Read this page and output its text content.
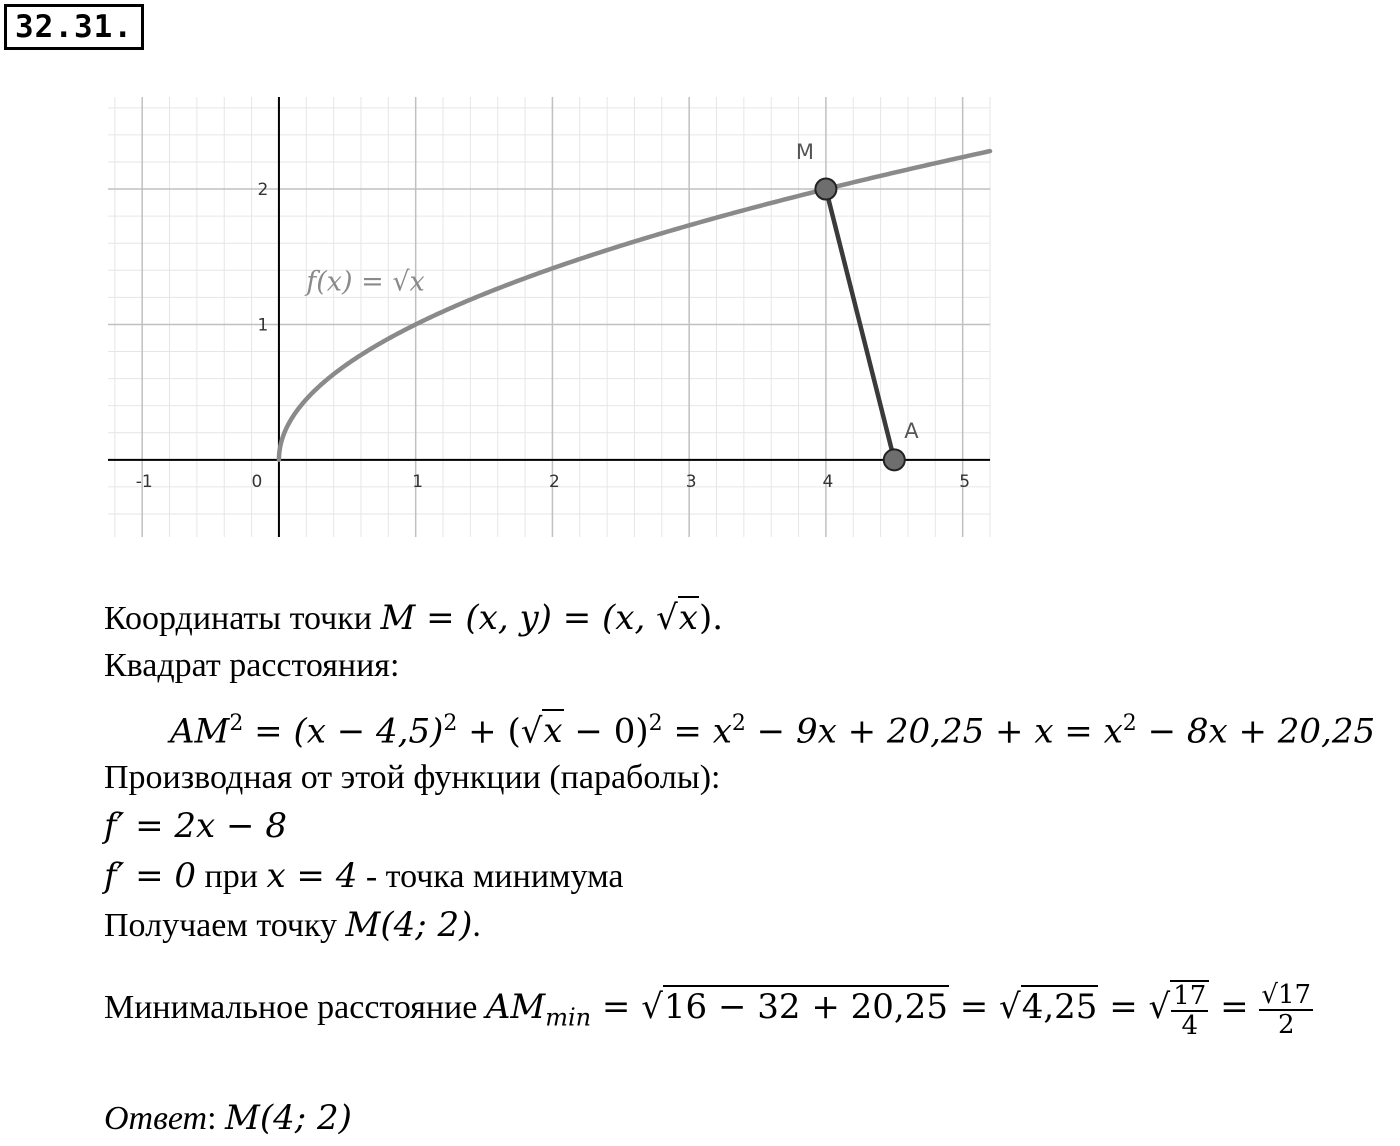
32.31.
-1	0	1	2	3	4	5
1
2
f(x) = √x
M
A
Координаты точки M = (x, y) = (x, √x).
Квадрат расстояния:
$AM^2 = (x - 4,5)^2 + (√x - 0)^2 = x^2 - 9x + 20,25 + x = x^2 - 8x + 20,25$
Производная от этой функции (параболы):
f′ = 2x − 8
f′ = 0 при x = 4 - точка минимума
Получаем точку M(4; 2).
Минимальное расстояние $AM_{min} = √16 - 32 + 20,25 = √4,25$ = √ $\frac{17}{4} = \frac{√17}{2}$
Ответ: M(4; 2)
